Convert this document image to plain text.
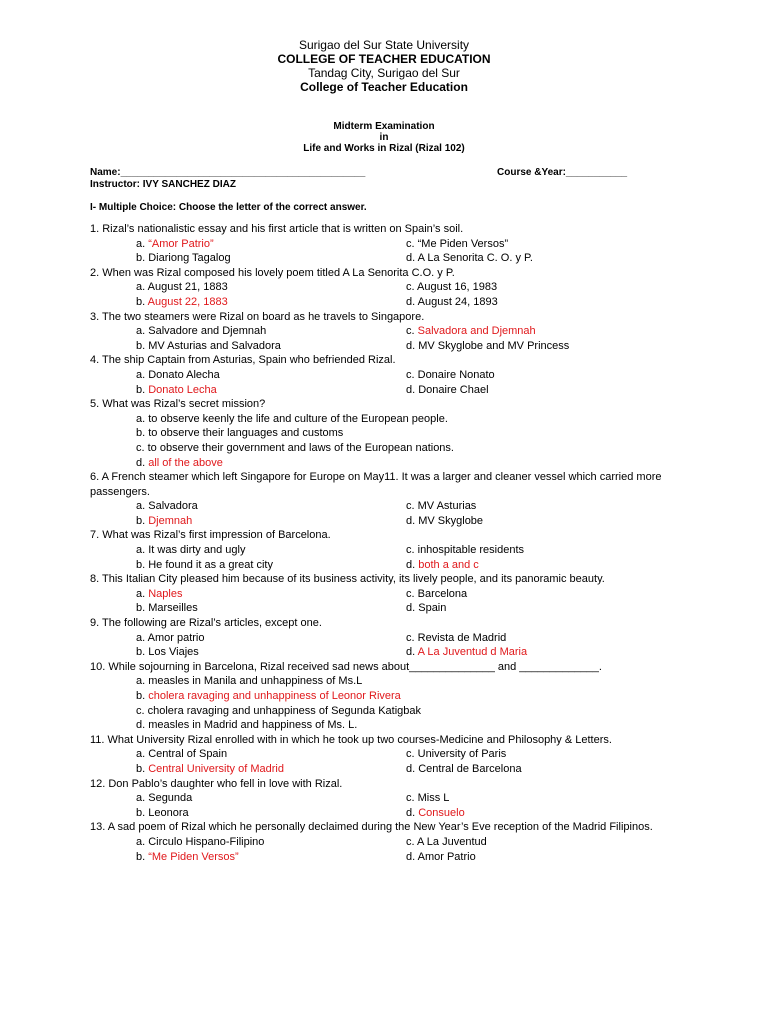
Surigao del Sur State University
COLLEGE OF TEACHER EDUCATION
Tandag City, Surigao del Sur
College of Teacher Education
Midterm Examination
in
Life and Works in Rizal (Rizal 102)
Name:____________________________________________	Course &Year:___________
Instructor: IVY SANCHEZ DIAZ
I- Multiple Choice: Choose the letter of the correct answer.
1. Rizal’s nationalistic essay and his first article that is written on Spain’s soil.
a. “Amor Patrio”	c. “Me Piden Versos”
b. Diariong Tagalog	d. A La Senorita C. O. y P.
2. When was Rizal composed his lovely poem titled A La Senorita C.O. y P.
a. August 21, 1883	c. August 16, 1983
b. August 22, 1883	d. August 24, 1893
3. The two steamers were Rizal on board as he travels to Singapore.
a. Salvadore and Djemnah	c. Salvadora and Djemnah
b. MV Asturias and Salvadora	d. MV Skyglobe and MV Princess
4. The ship Captain from Asturias, Spain who befriended Rizal.
a. Donato Alecha	c. Donaire Nonato
b. Donato Lecha	d. Donaire Chael
5. What was Rizal’s secret mission?
a. to observe keenly the life and culture of the European people.
b. to observe their languages and customs
c. to observe their government and laws of the European nations.
d. all of the above
6. A French steamer which left Singapore for Europe on May11. It was a larger and cleaner vessel which carried more passengers.
a. Salvadora	c. MV Asturias
b. Djemnah	d. MV Skyglobe
7. What was Rizal’s first impression of Barcelona.
a. It was dirty and ugly	c. inhospitable residents
b. He found it as a great city	d. both a and c
8. This Italian City pleased him because of its business activity, its lively people, and its panoramic beauty.
a. Naples	c. Barcelona
b. Marseilles	d. Spain
9. The following are Rizal’s articles, except one.
a. Amor patrio	c. Revista de Madrid
b. Los Viajes	d. A La Juventud d Maria
10. While sojourning in Barcelona, Rizal received sad news about______________ and _____________.
a. measles in Manila and unhappiness of Ms.L
b. cholera ravaging and unhappiness of Leonor Rivera
c. cholera ravaging and unhappiness of Segunda Katigbak
d. measles in Madrid and happiness of Ms. L.
11. What University Rizal enrolled with in which he took up two courses-Medicine and Philosophy & Letters.
a. Central of Spain	c. University of Paris
b. Central University of Madrid	d. Central de Barcelona
12. Don Pablo’s daughter who fell in love with Rizal.
a. Segunda	c. Miss L
b. Leonora	d. Consuelo
13. A sad poem of Rizal which he personally declaimed during the New Year’s Eve reception of the Madrid Filipinos.
a. Circulo Hispano-Filipino	c. A La Juventud
b. “Me Piden Versos”	d. Amor Patrio
